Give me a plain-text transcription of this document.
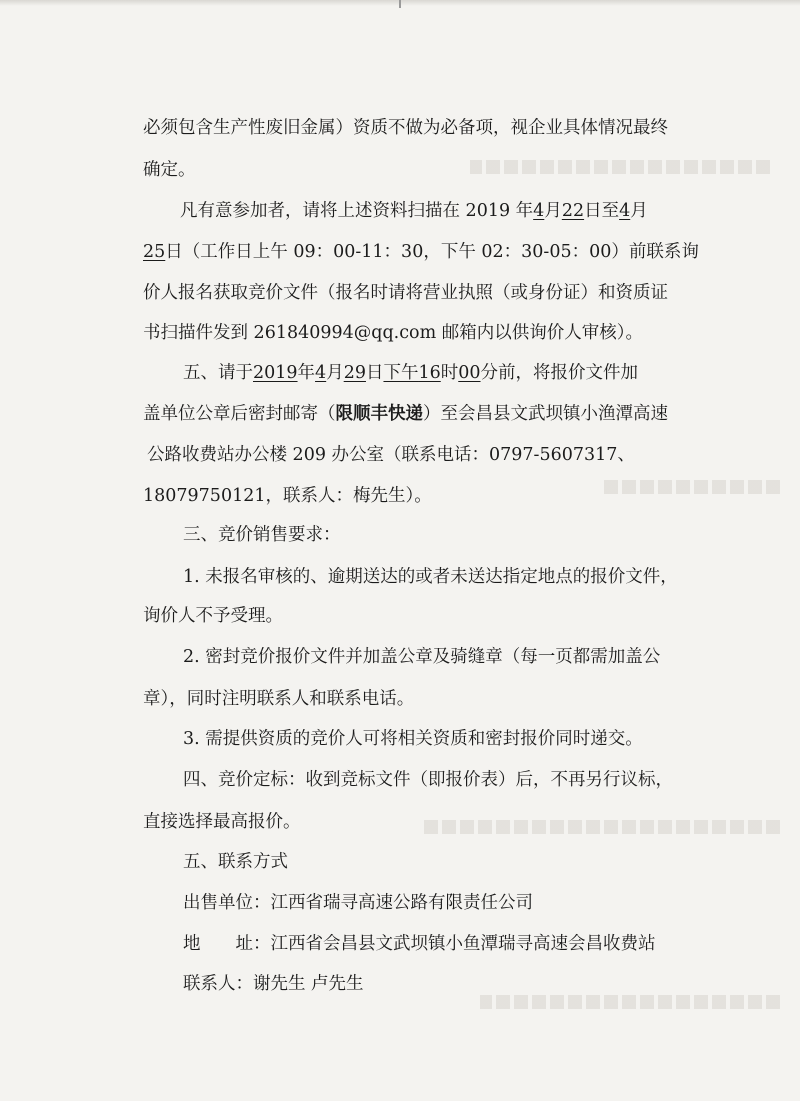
必须包含生产性废旧金属）资质不做为必备项，视企业具体情况最终
确定。
凡有意参加者，请将上述资料扫描在 2019 年4月22日至4月
25日（工作日上午 09：00-11：30，下午 02：30-05：00）前联系询
价人报名获取竞价文件（报名时请将营业执照（或身份证）和资质证
书扫描件发到 261840994@qq.com 邮箱内以供询价人审核）。
五、请于2019年4月29日下午16时00分前，将报价文件加
盖单位公章后密封邮寄（限顺丰快递）至会昌县文武坝镇小渔潭高速
公路收费站办公楼 209 办公室（联系电话：0797-5607317、
18079750121，联系人：梅先生）。
三、竞价销售要求：
1. 未报名审核的、逾期送达的或者未送达指定地点的报价文件，
询价人不予受理。
2. 密封竞价报价文件并加盖公章及骑缝章（每一页都需加盖公
章），同时注明联系人和联系电话。
3. 需提供资质的竞价人可将相关资质和密封报价同时递交。
四、竞价定标：收到竞标文件（即报价表）后，不再另行议标，
直接选择最高报价。
五、联系方式
出售单位：江西省瑞寻高速公路有限责任公司
地　　址：江西省会昌县文武坝镇小鱼潭瑞寻高速会昌收费站
联系人：谢先生 卢先生
